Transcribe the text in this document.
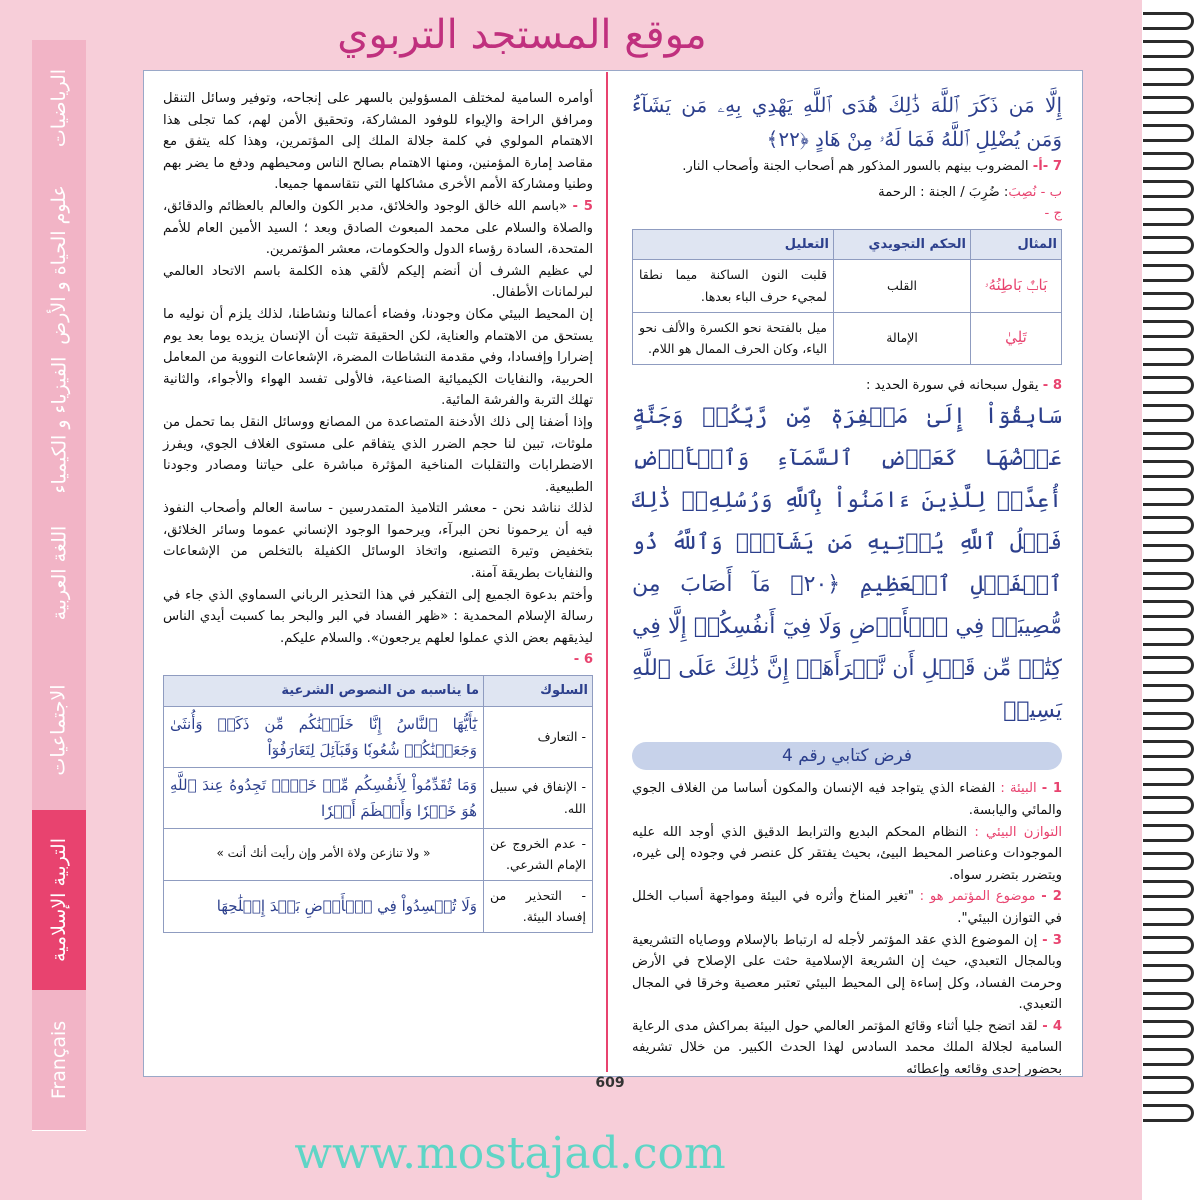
موقع المستجد التربوي
الرياضيات
علوم الحياة و الأرض
الفيزياء و الكيمياء
اللغة العربية
الاجتماعيات
التربية الإسلامية
Français

إِلَّا مَن ذَكَرَ ٱللَّهَ ذَٰلِكَ هُدَى ٱللَّهِ يَهْدِي بِهِۦ مَن يَشَآءُ وَمَن يُضْلِلِ ٱللَّهُ فَمَا لَهُۥ مِنْ هَادٍ ﴿٢٢﴾

7 -أ- المضروب بينهم بالسور المذكور هم أصحاب الجنة وأصحاب النار.

ب - نُصِبَ: ضُرِبَ / الجنة : الرحمة

ج -

المثال	الحكم التجويدي	التعليل
بَابٌۢ بَاطِنُهُۥ	القلب	قلبت النون الساكنة ميما نطقا لمجيء حرف الباء بعدها.
تَلِيٰ	الإمالة	ميل بالفتحة نحو الكسرة والألف نحو الياء، وكان الحرف الممال هو اللام.

8 - يقول سبحانه في سورة الحديد :

سَابِقُوٓاْ إِلَىٰ مَغۡفِرَةٖ مِّن رَّبِّكُمۡ وَجَنَّةٍ عَرۡضُهَا كَعَرۡضِ ٱلسَّمَآءِ وَٱلۡأَرۡضِ أُعِدَّتۡ لِلَّذِينَ ءَامَنُواْ بِٱللَّهِ وَرُسُلِهِۦۚ ذَٰلِكَ فَضۡلُ ٱللَّهِ يُؤۡتِيهِ مَن يَشَآءُۚ وَٱللَّهُ ذُو ٱلۡفَضۡلِ ٱلۡعَظِيمِ ﴿٢٠﴾ مَآ أَصَابَ مِن مُّصِيبَةٖ فِي ٱلۡأَرۡضِ وَلَا فِيٓ أَنفُسِكُمۡ إِلَّا فِي كِتَٰبٖ مِّن قَبۡلِ أَن نَّبۡرَأَهَآۚ إِنَّ ذَٰلِكَ عَلَى ٱللَّهِ يَسِيرٞ

فرض كتابي رقم 4

1 - البيئة : الفضاء الذي يتواجد فيه الإنسان والمكون أساسا من الغلاف الجوي والمائي واليابسة.

التوازن البيئي : النظام المحكم البديع والترابط الدقيق الذي أوجد الله عليه الموجودات وعناصر المحيط البيئ، بحيث يفتقر كل عنصر في وجوده إلى غيره، ويتضرر بتضرر سواه.

2 - موضوع المؤتمر هو : "تغير المناخ وأثره في البيئة ومواجهة أسباب الخلل في التوازن البيئي".

3 - إن الموضوع الذي عقد المؤتمر لأجله له ارتباط بالإسلام ووصاياه التشريعية وبالمجال التعبدي، حيث إن الشريعة الإسلامية حثت على الإصلاح في الأرض وحرمت الفساد، وكل إساءة إلى المحيط البيئي تعتبر معصية وخرقا في المجال التعبدي.

4 - لقد اتضح جليا أثناء وقائع المؤتمر العالمي حول البيئة بمراكش مدى الرعاية السامية لجلالة الملك محمد السادس لهذا الحدث الكبير. من خلال تشريفه بحضور إحدى وقائعه وإعطائه

أوامره السامية لمختلف المسؤولين بالسهر على إنجاحه، وتوفير وسائل التنقل ومرافق الراحة والإيواء للوفود المشاركة، وتحقيق الأمن لهم، كما تجلى هذا الاهتمام المولوي في كلمة جلالة الملك إلى المؤتمرين، وهذا كله يتفق مع مقاصد إمارة المؤمنين، ومنها الاهتمام بصالح الناس ومحيطهم ودفع ما يضر بهم وطنيا ومشاركة الأمم الأخرى مشاكلها التي نتقاسمها جميعا.

5 - «باسم الله خالق الوجود والخلائق، مدبر الكون والعالم بالعظائم والدقائق، والصلاة والسلام على محمد المبعوث الصادق وبعد ؛ السيد الأمين العام للأمم المتحدة، السادة رؤساء الدول والحكومات، معشر المؤتمرين.

لي عظيم الشرف أن أنضم إليكم لألقي هذه الكلمة باسم الاتحاد العالمي لبرلمانات الأطفال.

إن المحيط البيئي مكان وجودنا، وفضاء أعمالنا ونشاطنا، لذلك يلزم أن نوليه ما يستحق من الاهتمام والعناية، لكن الحقيقة تثبت أن الإنسان يزيده يوما بعد يوم إضرارا وإفسادا، وفي مقدمة النشاطات المضرة، الإشعاعات النووية من المعامل الحربية، والنفايات الكيميائية الصناعية، فالأولى تفسد الهواء والأجواء، والثانية تهلك التربة والفرشة المائية.

وإذا أضفنا إلى ذلك الأدخنة المتصاعدة من المصانع ووسائل النقل بما تحمل من ملوثات، تبين لنا حجم الضرر الذي يتفاقم على مستوى الغلاف الجوي، ويفرز الاضطرابات والتقلبات المناخية المؤثرة مباشرة على حياتنا ومصادر وجودنا الطبيعية.

لذلك نناشد نحن - معشر التلاميذ المتمدرسين - ساسة العالم وأصحاب النفوذ فيه أن يرحمونا نحن البرآء، ويرحموا الوجود الإنساني عموما وسائر الخلائق، بتخفيض وتيرة التصنيع، واتخاذ الوسائل الكفيلة بالتخلص من الإشعاعات والنفايات بطريقة آمنة.

وأختم بدعوة الجميع إلى التفكير في هذا التحذير الرباني السماوي الذي جاء في رسالة الإسلام المحمدية : «ظهر الفساد في البر والبحر بما كسبت أيدي الناس ليذيقهم بعض الذي عملوا لعلهم يرجعون». والسلام عليكم.

6 -

السلوك	ما يناسبه من النصوص الشرعية
- التعارف	يَٰٓأَيُّهَا ٱلنَّاسُ إِنَّا خَلَقۡنَٰكُم مِّن ذَكَرٖ وَأُنثَىٰ وَجَعَلۡنَٰكُمۡ شُعُوبٗا وَقَبَآئِلَ لِتَعَارَفُوٓاْ
- الإنفاق في سبيل الله.	وَمَا تُقَدِّمُواْ لِأَنفُسِكُم مِّنۡ خَيۡرٖ تَجِدُوهُ عِندَ ٱللَّهِ هُوَ خَيۡرٗا وَأَعۡظَمَ أَجۡرٗا
- عدم الخروج عن الإمام الشرعي.	« ولا تنازعن ولاة الأمر وإن رأيت أنك أنت »
- التحذير من إفساد البيئة.	وَلَا تُفۡسِدُواْ فِي ٱلۡأَرۡضِ بَعۡدَ إِصۡلَٰحِهَا
609
www.mostajad.com
